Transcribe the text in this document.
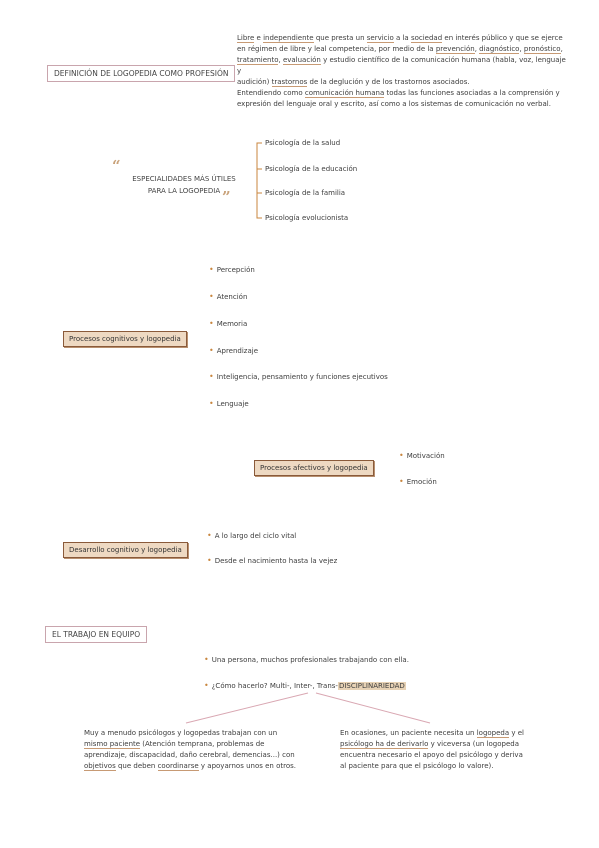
DEFINICIÓN DE LOGOPEDIA COMO PROFESIÓN
Libre e independiente que presta un servicio a la sociedad en interés público y que se ejerce
en régimen de libre y leal competencia, por medio de la prevención, diagnóstico, pronóstico,
tratamiento, evaluación y estudio científico de la comunicación humana (habla, voz, lenguaje y
audición) trastornos de la deglución y de los trastornos asociados.
Entendiendo como comunicación humana todas las funciones asociadas a la comprensión y
expresión del lenguaje oral y escrito, así como a los sistemas de comunicación no verbal.
“
ESPECIALIDADES MÁS ÚTILES
PARA LA LOGOPEDIA ”
Psicología de la salud
Psicología de la educación
Psicología de la familia
Psicología evolucionista
Procesos cognitivos y logopedia
• Percepción
• Atención
• Memoria
• Aprendizaje
• Inteligencia, pensamiento y funciones ejecutivos
• Lenguaje
Procesos afectivos y logopedia
• Motivación
• Emoción
Desarrollo cognitivo y logopedia
• A lo largo del ciclo vital
• Desde el nacimiento hasta la vejez
EL TRABAJO EN EQUIPO
• Una persona, muchos profesionales trabajando con ella.
• ¿Cómo hacerlo? Multi-, Inter-, Trans-DISCIPLINARIEDAD
Muy a menudo psicólogos y logopedas trabajan con un
mismo paciente (Atención temprana, problemas de
aprendizaje, discapacidad, daño cerebral, demencias...) con
objetivos que deben coordinarse y apoyarnos unos en otros.
En ocasiones, un paciente necesita un logopeda y el
psicólogo ha de derivarlo y viceversa (un logopeda
encuentra necesario el apoyo del psicólogo y deriva
al paciente para que el psicólogo lo valore).
